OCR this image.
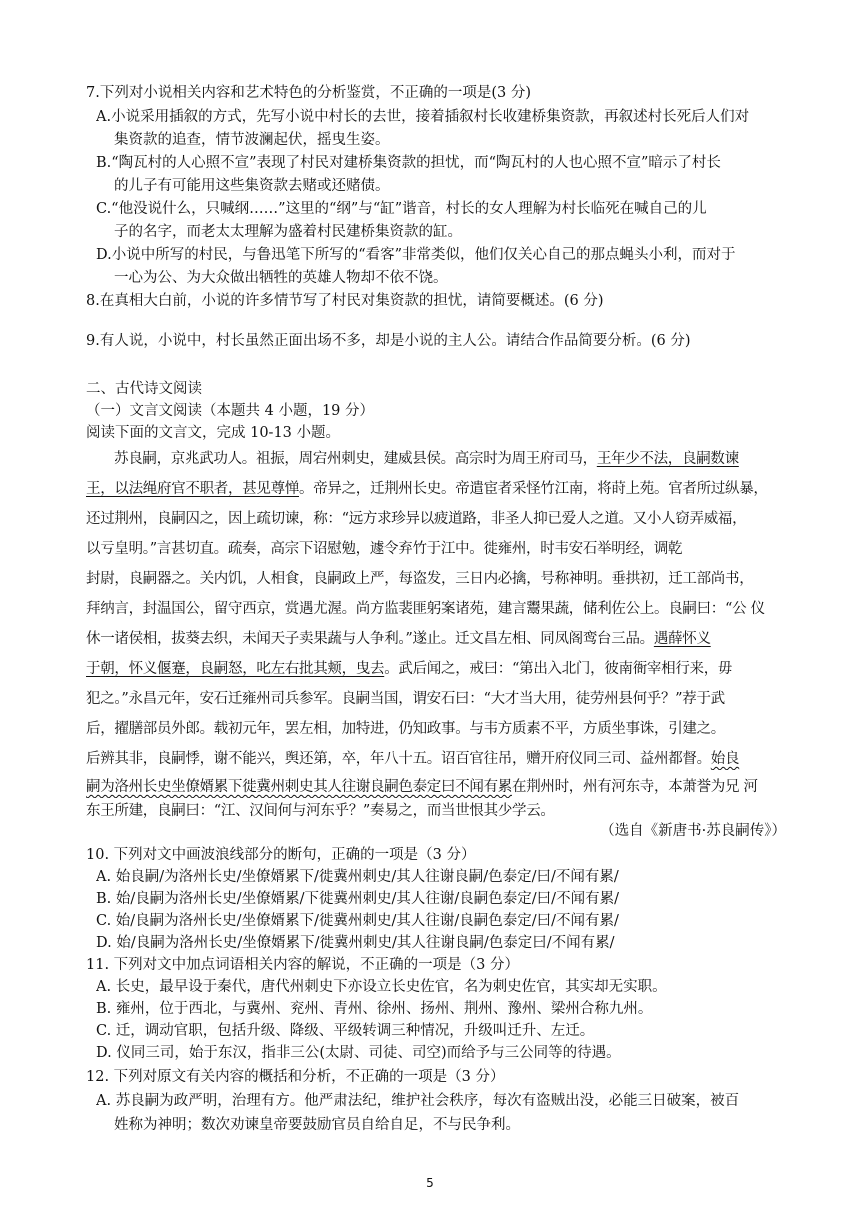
7.下列对小说相关内容和艺术特色的分析鉴赏，不正确的一项是(3 分)
A.小说采用插叙的方式，先写小说中村长的去世，接着插叙村长收建桥集资款，再叙述村长死后人们对
集资款的追查，情节波澜起伏，摇曳生姿。
B.“陶瓦村的人心照不宣”表现了村民对建桥集资款的担忧，而“陶瓦村的人也心照不宣”暗示了村长
的儿子有可能用这些集资款去赌或还赌债。
C.“他没说什么，只喊纲……”这里的“纲”与“缸”谐音，村长的女人理解为村长临死在喊自己的儿
子的名字，而老太太理解为盛着村民建桥集资款的缸。
D.小说中所写的村民，与鲁迅笔下所写的“看客”非常类似，他们仅关心自己的那点蝇头小利，而对于
一心为公、为大众做出牺牲的英雄人物却不依不饶。
8.在真相大白前，小说的许多情节写了村民对集资款的担忧，请简要概述。(6 分)
9.有人说，小说中，村长虽然正面出场不多，却是小说的主人公。请结合作品简要分析。(6 分)
二、古代诗文阅读
（一）文言文阅读（本题共 4 小题，19 分）
阅读下面的文言文，完成 10-13 小题。
苏良嗣，京兆武功人。祖振，周宕州刺史，建威县侯。高宗时为周王府司马，王年少不法，良嗣数谏
王，以法绳府官不职者，甚见尊惮。帝异之，迁荆州长史。帝遣宦者采怪竹江南，将莳上苑。官者所过纵暴，
还过荆州，良嗣囚之，因上疏切谏，称：“远方求珍异以疲道路，非圣人抑已爱人之道。又小人窃弄威福，
以亏皇明。”言甚切直。疏奏，高宗下诏慰勉，遽令弃竹于江中。徙雍州，时韦安石举明经，调乾
封尉，良嗣器之。关内饥，人相食，良嗣政上严，每盗发，三日内必擒，号称神明。垂拱初，迁工部尚书，
拜纳言，封温国公，留守西京，赏遇尤渥。尚方监裴匪躬案诸苑，建言鬻果蔬，储利佐公上。良嗣曰：“公 仪
休一诸侯相，拔葵去织，未闻天子卖果蔬与人争利。”遂止。迁文昌左相、同凤阁鸾台三品。遇薛怀义
于朝，怀义偃蹇，良嗣怒，叱左右批其颊，曳去。武后闻之，戒曰：“第出入北门，彼南衙宰相行来，毋
犯之。”永昌元年，安石迁雍州司兵参军。良嗣当国，谓安石曰：“大才当大用，徒劳州县何乎？”荐于武
后，擢膳部员外郎。载初元年，罢左相，加特进，仍知政事。与韦方质素不平，方质坐事诛，引建之。
后辨其非，良嗣悸，谢不能兴，舆还第，卒，年八十五。诏百官往吊，赠开府仪同三司、益州都督。始良
嗣为洛州长史坐僚婿累下徙冀州刺史其人往谢良嗣色泰定曰不闻有累在荆州时，州有河东寺，本萧誉为兄 河
东王所建，良嗣曰：“江、汉间何与河东乎？”奏易之，而当世恨其少学云。
（选自《新唐书·苏良嗣传》）
10. 下列对文中画波浪线部分的断句，正确的一项是（3 分）
A. 始良嗣/为洛州长史/坐僚婿累下/徙冀州刺史/其人往谢良嗣/色泰定/曰/不闻有累/
B. 始/良嗣为洛州长史/坐僚婿累/下徙冀州刺史/其人往谢/良嗣色泰定/曰/不闻有累/
C. 始/良嗣为洛州长史/坐僚婿累下/徙冀州刺史/其人往谢/良嗣色泰定/曰/不闻有累/
D. 始/良嗣为洛州长史/坐僚婿累下/徙冀州刺史/其人往谢良嗣/色泰定曰/不闻有累/
11. 下列对文中加点词语相关内容的解说，不正确的一项是（3 分）
A. 长史，最早设于秦代，唐代州刺史下亦设立长史佐官，名为刺史佐官，其实却无实职。
B. 雍州，位于西北，与冀州、兖州、青州、徐州、扬州、荆州、豫州、梁州合称九州。
C. 迁，调动官职，包括升级、降级、平级转调三种情况，升级叫迁升、左迁。
D. 仪同三司，始于东汉，指非三公(太尉、司徒、司空)而给予与三公同等的待遇。
12. 下列对原文有关内容的概括和分析，不正确的一项是（3 分）
A. 苏良嗣为政严明，治理有方。他严肃法纪，维护社会秩序，每次有盗贼出没，必能三日破案，被百
姓称为神明；数次劝谏皇帝要鼓励官员自给自足，不与民争利。
5
